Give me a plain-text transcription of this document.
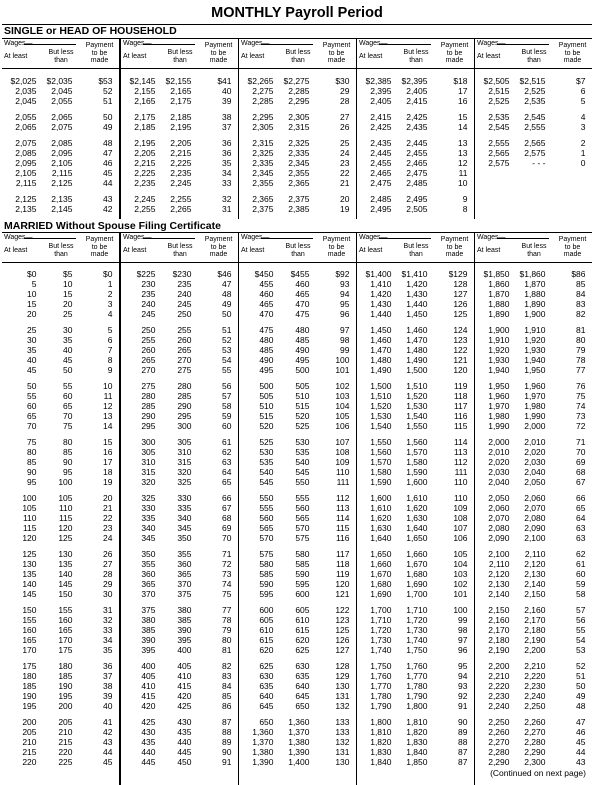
MONTHLY Payroll Period
SINGLE or HEAD OF HOUSEHOLD
Wages—
At least
But less than
Payment to be made
$2,025 $2,035	$53
2,035 2,045	52
2,045 2,055	51
2,055 2,065	50
2,065 2,075	49
2,075 2,085	48
2,085 2,095	47
2,095 2,105	46
2,105 2,115	45
2,115 2,125	44
2,125 2,135	43
2,135 2,145	42
Wages—
At least
But less than
Payment to be made
$2,145 $2,155	$41
2,155 2,165	40
2,165 2,175	39
2,175 2,185	38
2,185 2,195	37
2,195 2,205	36
2,205 2,215	36
2,215 2,225	35
2,225 2,235	34
2,235 2,245	33
2,245 2,255	32
2,255 2,265	31
Wages—
At least
But less than
Payment to be made
$2,265 $2,275	$30
2,275 2,285	29
2,285 2,295	28
2,295 2,305	27
2,305 2,315	26
2,315 2,325	25
2,325 2,335	24
2,335 2,345	23
2,345 2,355	22
2,355 2,365	21
2,365 2,375	20
2,375 2,385	19
Wages—
At least
But less than
Payment to be made
$2,385 $2,395	$18
2,395 2,405	17
2,405 2,415	16
2,415 2,425	15
2,425 2,435	14
2,435 2,445	13
2,445 2,455	13
2,455 2,465	12
2,465 2,475	11
2,475 2,485	10
2,485 2,495	9
2,495 2,505	8
Wages—
At least
But less than
Payment to be made
$2,505 $2,515	$7
2,515 2,525	6
2,525 2,535	5
2,535 2,545	4
2,545 2,555	3
2,555 2,565	2
2,565 2,575	1
2,575	- - -	0
MARRIED Without Spouse Filing Certificate
Wages—
At least
But less than
Payment to be made
$0	$5	$0
5	10	1
10	15	2
15	20	3
20	25	4
25	30	5
30	35	6
35	40	7
40	45	8
45	50	9
50	55	10
55	60	11
60	65	12
65	70	13
70	75	14
75	80	15
80	85	16
85	90	17
90	95	18
95	100	19
100	105	20
105	110	21
110	115	22
115	120	23
120	125	24
125	130	26
130	135	27
135	140	28
140	145	29
145	150	30
150	155	31
155	160	32
160	165	33
165	170	34
170	175	35
175	180	36
180	185	37
185	190	38
190	195	39
195	200	40
200	205	41
205	210	42
210	215	43
215	220	44
220	225	45
Wages—
At least
But less than
Payment to be made
$225 $230	$46
230	235	47
235	240	48
240	245	49
245	250	50
250	255	51
255	260	52
260	265	53
265	270	54
270	275	55
275	280	56
280	285	57
285	290	58
290	295	59
295	300	60
300	305	61
305	310	62
310	315	63
315	320	64
320	325	65
325	330	66
330	335	67
335	340	68
340	345	69
345	350	70
350	355	71
355	360	72
360	365	73
365	370	74
370	375	75
375	380	77
380	385	78
385	390	79
390	395	80
395	400	81
400	405	82
405	410	83
410	415	84
415	420	85
420	425	86
425	430	87
430	435	88
435	440	89
440	445	90
445	450	91
Wages—
At least
But less than
Payment to be made
$450 $455	$92
455	460	93
460	465	94
465	470	95
470	475	96
475	480	97
480	485	98
485	490	99
490	495	100
495	500	101
500	505	102
505	510	103
510	515	104
515	520	105
520	525	106
525	530	107
530	535	108
535	540	109
540	545	110
545	550	111
550	555	112
555	560	113
560	565	114
565	570	115
570	575	116
575	580	117
580	585	118
585	590	119
590	595	120
595	600	121
600	605	122
605	610	123
610	615	125
615	620	126
620	625	127
625	630	128
630	635	129
635	640	130
640	645	131
645	650	132
650 1,360	133
1,360 1,370	133
1,370 1,380	132
1,380 1,390	131
1,390 1,400	130
Wages—
At least
But less than
Payment to be made
$1,400 $1,410 $129
1,410 1,420	128
1,420 1,430	127
1,430 1,440	126
1,440 1,450	125
1,450 1,460	124
1,460 1,470	123
1,470 1,480	122
1,480 1,490	121
1,490 1,500	120
1,500 1,510	119
1,510 1,520	118
1,520 1,530	117
1,530 1,540	116
1,540 1,550	115
1,550 1,560	114
1,560 1,570	113
1,570 1,580	112
1,580 1,590	111
1,590 1,600	110
1,600 1,610	110
1,610 1,620	109
1,620 1,630	108
1,630 1,640	107
1,640 1,650	106
1,650 1,660	105
1,660 1,670	104
1,670 1,680	103
1,680 1,690	102
1,690 1,700	101
1,700 1,710	100
1,710 1,720	99
1,720 1,730	98
1,730 1,740	97
1,740 1,750	96
1,750 1,760	95
1,760 1,770	94
1,770 1,780	93
1,780 1,790	92
1,790 1,800	91
1,800 1,810	90
1,810 1,820	89
1,820 1,830	88
1,830 1,840	87
1,840 1,850	87
Wages—
At least
But less than
Payment to be made
$1,850 $1,860	$86
1,860 1,870	85
1,870 1,880	84
1,880 1,890	83
1,890 1,900	82
1,900 1,910	81
1,910 1,920	80
1,920 1,930	79
1,930 1,940	78
1,940 1,950	77
1,950 1,960	76
1,960 1,970	75
1,970 1,980	74
1,980 1,990	73
1,990 2,000	72
2,000 2,010	71
2,010 2,020	70
2,020 2,030	69
2,030 2,040	68
2,040 2,050	67
2,050 2,060	66
2,060 2,070	65
2,070 2,080	64
2,080 2,090	63
2,090 2,100	63
2,100 2,110	62
2,110 2,120	61
2,120 2,130	60
2,130 2,140	59
2,140 2,150	58
2,150 2,160	57
2,160 2,170	56
2,170 2,180	55
2,180 2,190	54
2,190 2,200	53
2,200 2,210	52
2,210 2,220	51
2,220 2,230	50
2,230 2,240	49
2,240 2,250	48
2,250 2,260	47
2,260 2,270	46
2,270 2,280	45
2,280 2,290	44
2,290 2,300	43
(Continued on next page)
